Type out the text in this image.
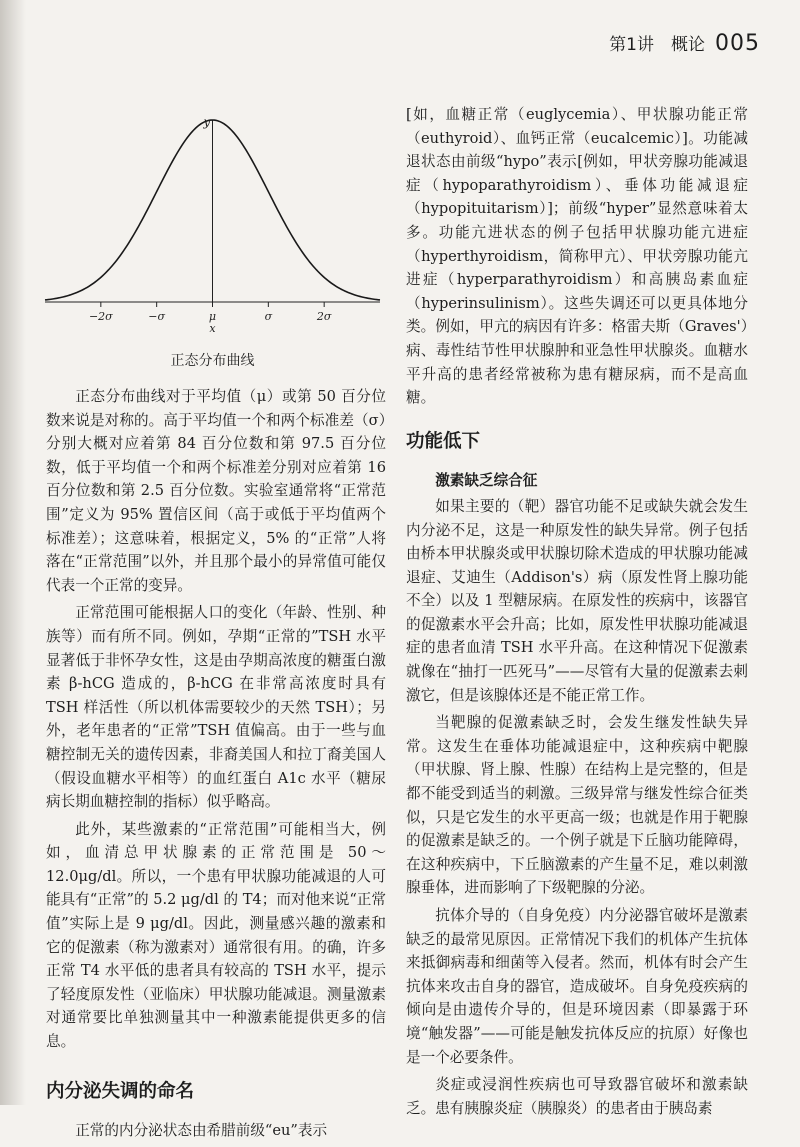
第1讲　概论 005
y
−2σ	−σ	μ
x
σ	2σ
正态分布曲线

正态分布曲线对于平均值（μ）或第 50 百分位数来说是对称的。高于平均值一个和两个标准差（σ）分别大概对应着第 84 百分位数和第 97.5 百分位数，低于平均值一个和两个标准差分别对应着第 16 百分位数和第 2.5 百分位数。实验室通常将“正常范围”定义为 95% 置信区间（高于或低于平均值两个标准差）；这意味着，根据定义，5% 的“正常”人将落在“正常范围”以外，并且那个最小的异常值可能仅代表一个正常的变异。

正常范围可能根据人口的变化（年龄、性别、种族等）而有所不同。例如，孕期“正常的”TSH 水平显著低于非怀孕女性，这是由孕期高浓度的糖蛋白激素 β-hCG 造成的，β-hCG 在非常高浓度时具有 TSH 样活性（所以机体需要较少的天然 TSH）；另外，老年患者的“正常”TSH 值偏高。由于一些与血糖控制无关的遗传因素，非裔美国人和拉丁裔美国人（假设血糖水平相等）的血红蛋白 A1c 水平（糖尿病长期血糖控制的指标）似乎略高。

此外，某些激素的“正常范围”可能相当大，例如，血清总甲状腺素的正常范围是 50～12.0μg/dl。所以，一个患有甲状腺功能减退的人可能具有“正常”的 5.2 μg/dl 的 T4；而对他来说“正常值”实际上是 9 μg/dl。因此，测量感兴趣的激素和它的促激素（称为激素对）通常很有用。的确，许多正常 T4 水平低的患者具有较高的 TSH 水平，提示了轻度原发性（亚临床）甲状腺功能减退。测量激素对通常要比单独测量其中一种激素能提供更多的信息。

内分泌失调的命名

正常的内分泌状态由希腊前级“eu”表示

[如，血糖正常（euglycemia）、甲状腺功能正常（euthyroid）、血钙正常（eucalcemic）]。功能减退状态由前级“hypo”表示[例如，甲状旁腺功能减退症（hypoparathyroidism）、垂体功能减退症（hypopituitarism）]；前级“hyper”显然意味着太多。功能亢进状态的例子包括甲状腺功能亢进症（hyperthyroidism，简称甲亢）、甲状旁腺功能亢进症（hyperparathyroidism）和高胰岛素血症（hyperinsulinism）。这些失调还可以更具体地分类。例如，甲亢的病因有许多：格雷夫斯（Graves'）病、毒性结节性甲状腺肿和亚急性甲状腺炎。血糖水平升高的患者经常被称为患有糖尿病，而不是高血糖。

功能低下
激素缺乏综合征

如果主要的（靶）器官功能不足或缺失就会发生内分泌不足，这是一种原发性的缺失异常。例子包括由桥本甲状腺炎或甲状腺切除术造成的甲状腺功能减退症、艾迪生（Addison's）病（原发性肾上腺功能不全）以及 1 型糖尿病。在原发性的疾病中，该器官的促激素水平会升高；比如，原发性甲状腺功能减退症的患者血清 TSH 水平升高。在这种情况下促激素就像在“抽打一匹死马”——尽管有大量的促激素去刺激它，但是该腺体还是不能正常工作。

当靶腺的促激素缺乏时，会发生继发性缺失异常。这发生在垂体功能减退症中，这种疾病中靶腺（甲状腺、肾上腺、性腺）在结构上是完整的，但是都不能受到适当的刺激。三级异常与继发性综合征类似，只是它发生的水平更高一级；也就是作用于靶腺的促激素是缺乏的。一个例子就是下丘脑功能障碍，在这种疾病中，下丘脑激素的产生量不足，难以刺激腺垂体，进而影响了下级靶腺的分泌。

抗体介导的（自身免疫）内分泌器官破坏是激素缺乏的最常见原因。正常情况下我们的机体产生抗体来抵御病毒和细菌等入侵者。然而，机体有时会产生抗体来攻击自身的器官，造成破坏。自身免疫疾病的倾向是由遗传介导的，但是环境因素（即暴露于环境“触发器”——可能是触发抗体反应的抗原）好像也是一个必要条件。

炎症或浸润性疾病也可导致器官破坏和激素缺乏。患有胰腺炎症（胰腺炎）的患者由于胰岛素
